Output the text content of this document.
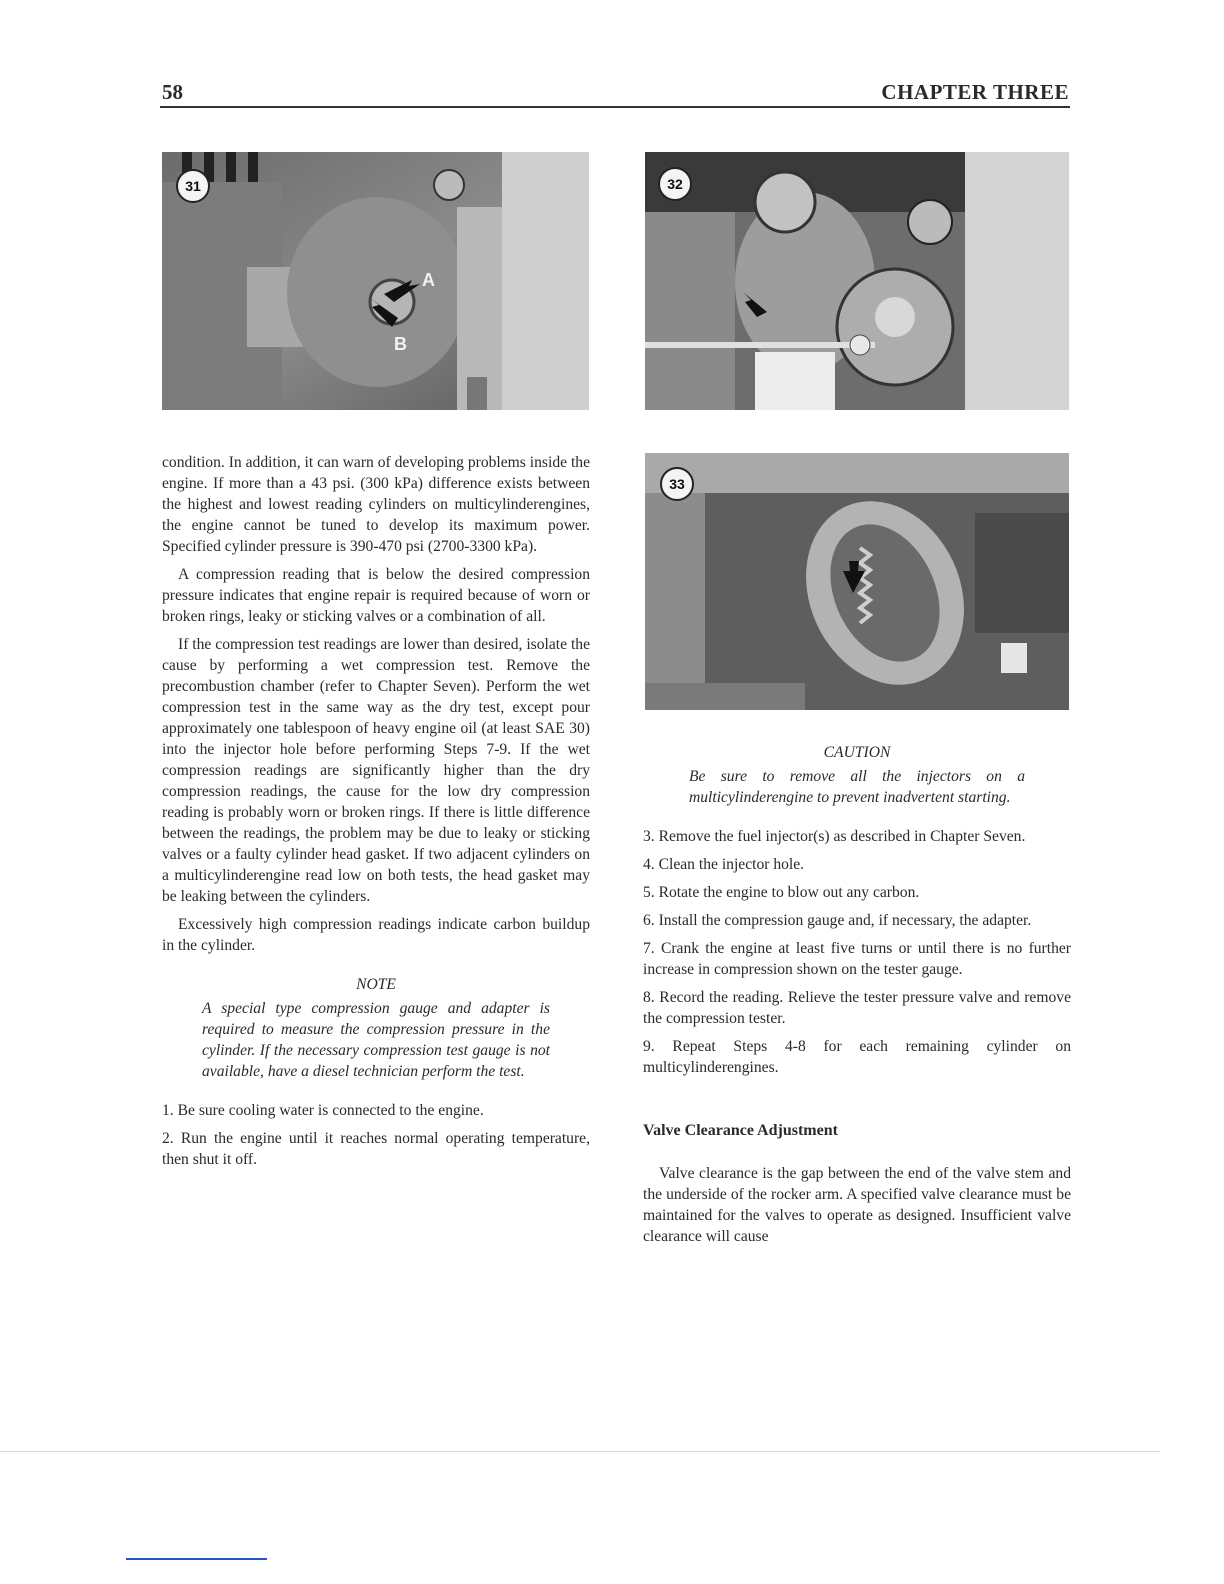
58	CHAPTER THREE
31
A
B
32
33

condition. In addition, it can warn of developing problems inside the engine. If more than a 43 psi. (300 kPa) difference exists between the highest and lowest reading cylinders on multicylinderengines, the engine cannot be tuned to develop its maximum power. Specified cylinder pressure is 390-470 psi (2700-3300 kPa).

A compression reading that is below the desired compression pressure indicates that engine repair is required because of worn or broken rings, leaky or sticking valves or a combination of all.

If the compression test readings are lower than desired, isolate the cause by performing a wet compression test. Remove the precombustion chamber (refer to Chapter Seven). Perform the wet compression test in the same way as the dry test, except pour approximately one tablespoon of heavy engine oil (at least SAE 30) into the injector hole before performing Steps 7-9. If the wet compression readings are significantly higher than the dry compression readings, the cause for the low dry compression reading is probably worn or broken rings. If there is little difference between the readings, the problem may be due to leaky or sticking valves or a faulty cylinder head gasket. If two adjacent cylinders on a multicylinderengine read low on both tests, the head gasket may be leaking between the cylinders.

Excessively high compression readings indicate carbon buildup in the cylinder.

NOTE
A special type compression gauge and adapter is required to measure the compression pressure in the cylinder. If the necessary compression test gauge is not available, have a diesel technician perform the test.

1. Be sure cooling water is connected to the engine.

2. Run the engine until it reaches normal operating temperature, then shut it off.

CAUTION
Be sure to remove all the injectors on a multicylinderengine to prevent inadvertent starting.

3. Remove the fuel injector(s) as described in Chapter Seven.

4. Clean the injector hole.

5. Rotate the engine to blow out any carbon.

6. Install the compression gauge and, if necessary, the adapter.

7. Crank the engine at least five turns or until there is no further increase in compression shown on the tester gauge.

8. Record the reading. Relieve the tester pressure valve and remove the compression tester.

9. Repeat Steps 4-8 for each remaining cylinder on multicylinderengines.

Valve Clearance Adjustment

Valve clearance is the gap between the end of the valve stem and the underside of the rocker arm. A specified valve clearance must be maintained for the valves to operate as designed. Insufficient valve clearance will cause
